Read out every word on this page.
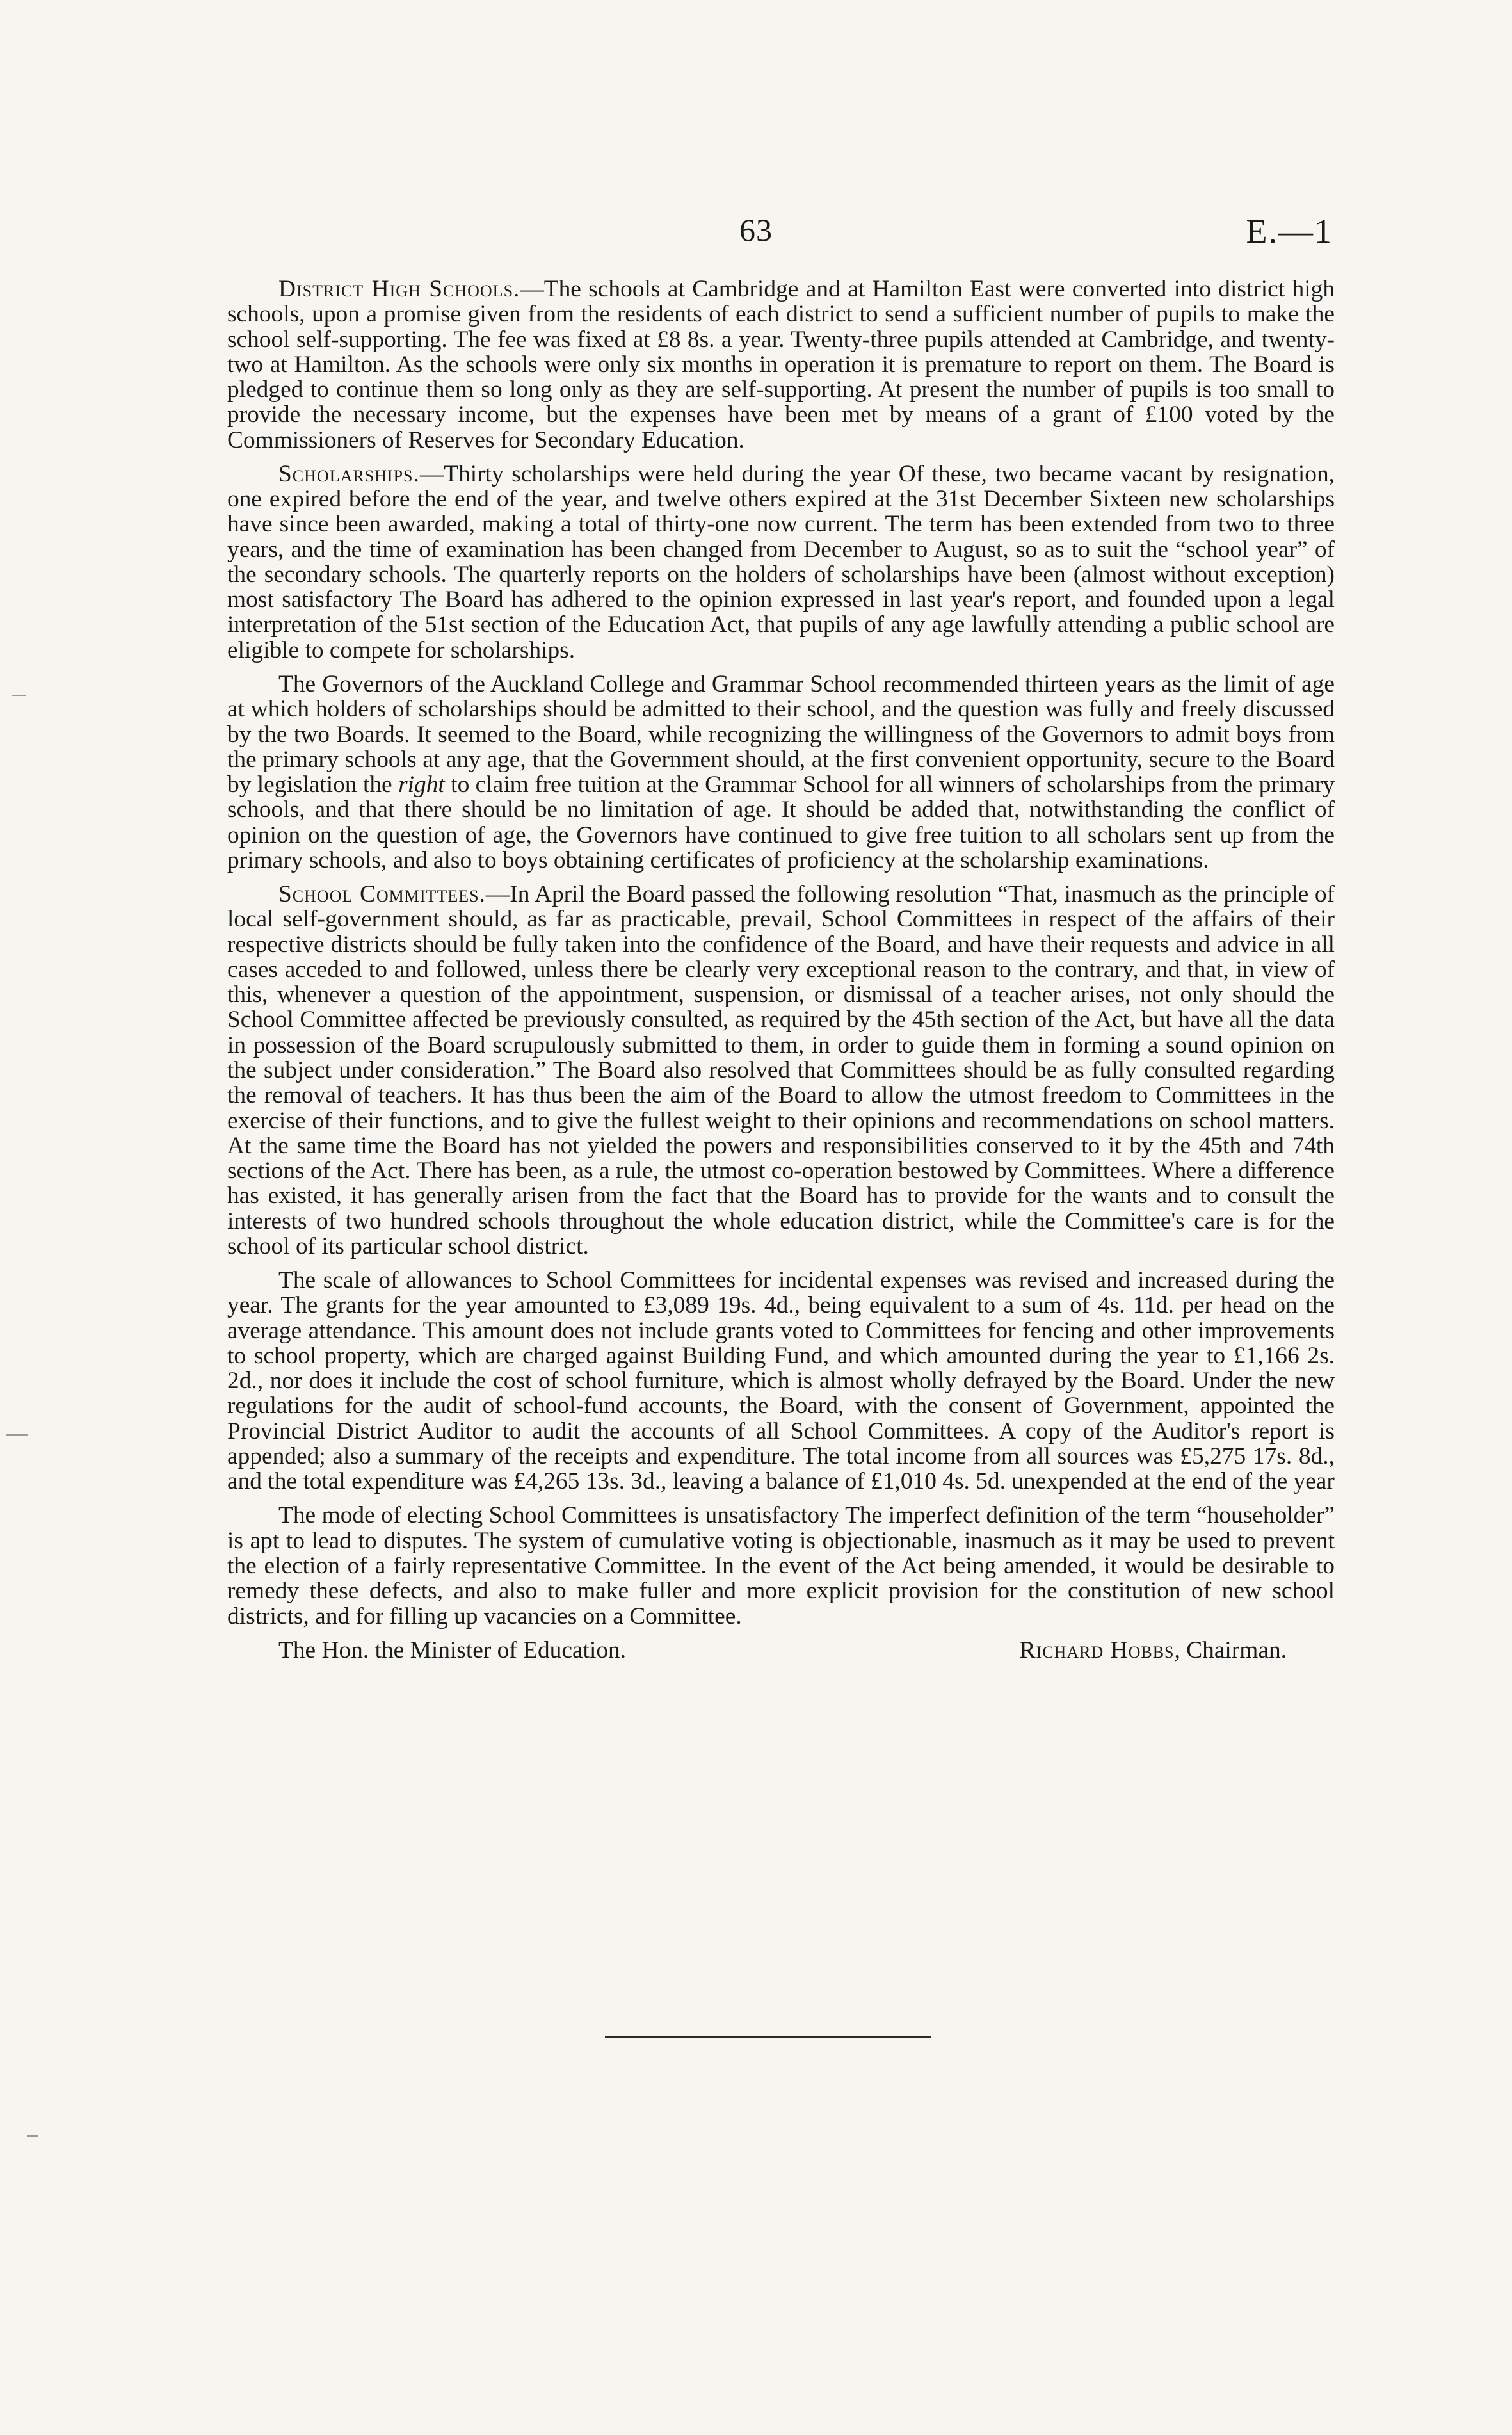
63	E.—1

District High Schools.—The schools at Cambridge and at Hamilton East were converted into district high schools, upon a promise given from the residents of each district to send a sufficient number of pupils to make the school self-supporting. The fee was fixed at £8 8s. a year. Twenty-three pupils attended at Cambridge, and twenty-two at Hamilton. As the schools were only six months in operation it is premature to report on them. The Board is pledged to continue them so long only as they are self-supporting. At present the number of pupils is too small to provide the necessary income, but the expenses have been met by means of a grant of £100 voted by the Commissioners of Reserves for Secondary Education.

Scholarships.—Thirty scholarships were held during the year Of these, two became vacant by resignation, one expired before the end of the year, and twelve others expired at the 31st December Sixteen new scholarships have since been awarded, making a total of thirty-one now current. The term has been extended from two to three years, and the time of examination has been changed from December to August, so as to suit the “school year” of the secondary schools. The quarterly reports on the holders of scholarships have been (almost without exception) most satisfactory The Board has adhered to the opinion expressed in last year's report, and founded upon a legal interpretation of the 51st section of the Education Act, that pupils of any age lawfully attending a public school are eligible to compete for scholarships.

The Governors of the Auckland College and Grammar School recommended thirteen years as the limit of age at which holders of scholarships should be admitted to their school, and the question was fully and freely discussed by the two Boards. It seemed to the Board, while recognizing the willingness of the Governors to admit boys from the primary schools at any age, that the Government should, at the first convenient opportunity, secure to the Board by legislation the right to claim free tuition at the Grammar School for all winners of scholarships from the primary schools, and that there should be no limitation of age. It should be added that, notwithstanding the conflict of opinion on the question of age, the Governors have continued to give free tuition to all scholars sent up from the primary schools, and also to boys obtaining certificates of proficiency at the scholarship examinations.

School Committees.—In April the Board passed the following resolution “That, inasmuch as the principle of local self-government should, as far as practicable, prevail, School Committees in respect of the affairs of their respective districts should be fully taken into the confidence of the Board, and have their requests and advice in all cases acceded to and followed, unless there be clearly very exceptional reason to the contrary, and that, in view of this, whenever a question of the appointment, suspension, or dismissal of a teacher arises, not only should the School Committee affected be previously consulted, as required by the 45th section of the Act, but have all the data in possession of the Board scrupulously submitted to them, in order to guide them in forming a sound opinion on the subject under consideration.” The Board also resolved that Committees should be as fully consulted regarding the removal of teachers. It has thus been the aim of the Board to allow the utmost freedom to Committees in the exercise of their functions, and to give the fullest weight to their opinions and recommendations on school matters. At the same time the Board has not yielded the powers and responsibilities conserved to it by the 45th and 74th sections of the Act. There has been, as a rule, the utmost co-operation bestowed by Committees. Where a difference has existed, it has generally arisen from the fact that the Board has to provide for the wants and to consult the interests of two hundred schools throughout the whole education district, while the Committee's care is for the school of its particular school district.

The scale of allowances to School Committees for incidental expenses was revised and increased during the year. The grants for the year amounted to £3,089 19s. 4d., being equivalent to a sum of 4s. 11d. per head on the average attendance. This amount does not include grants voted to Committees for fencing and other improvements to school property, which are charged against Building Fund, and which amounted during the year to £1,166 2s. 2d., nor does it include the cost of school furniture, which is almost wholly defrayed by the Board. Under the new regulations for the audit of school-fund accounts, the Board, with the consent of Government, appointed the Provincial District Auditor to audit the accounts of all School Committees. A copy of the Auditor's report is appended; also a summary of the receipts and expenditure. The total income from all sources was £5,275 17s. 8d., and the total expenditure was £4,265 13s. 3d., leaving a balance of £1,010 4s. 5d. unexpended at the end of the year

The mode of electing School Committees is unsatisfactory The imperfect definition of the term “householder” is apt to lead to disputes. The system of cumulative voting is objectionable, inasmuch as it may be used to prevent the election of a fairly representative Committee. In the event of the Act being amended, it would be desirable to remedy these defects, and also to make fuller and more explicit provision for the constitution of new school districts, and for filling up vacancies on a Committee.

The Hon. the Minister of Education.	Richard Hobbs, Chairman.
